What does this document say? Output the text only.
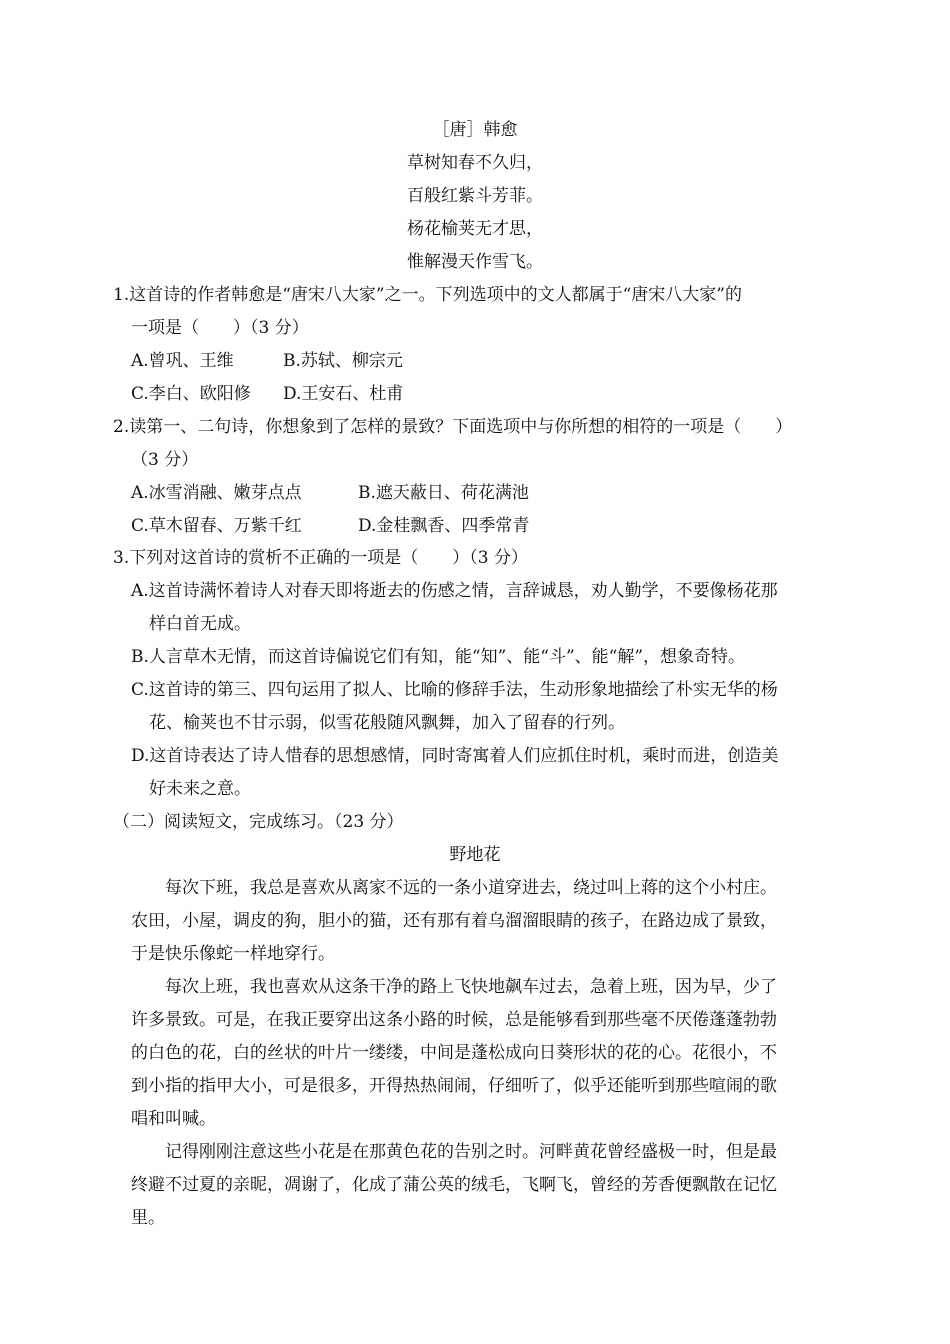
［唐］韩愈
草树知春不久归，
百般红紫斗芳菲。
杨花榆荚无才思，
惟解漫天作雪飞。
1.这首诗的作者韩愈是“唐宋八大家”之一。下列选项中的文人都属于“唐宋八大家”的
一项是（　　）（3 分）
A.曾巩、王维	B.苏轼、柳宗元
C.李白、欧阳修 D.王安石、杜甫
2.读第一、二句诗，你想象到了怎样的景致？下面选项中与你所想的相符的一项是（　　）
（3 分）
A.冰雪消融、嫩芽点点	B.遮天蔽日、荷花满池
C.草木留春、万紫千红	D.金桂飘香、四季常青
3.下列对这首诗的赏析不正确的一项是（　　）（3 分）
A.这首诗满怀着诗人对春天即将逝去的伤感之情，言辞诚恳，劝人勤学，不要像杨花那
样白首无成。
B.人言草木无情，而这首诗偏说它们有知，能“知”、能“斗”、能“解”，想象奇特。
C.这首诗的第三、四句运用了拟人、比喻的修辞手法，生动形象地描绘了朴实无华的杨
花、榆荚也不甘示弱，似雪花般随风飘舞，加入了留春的行列。
D.这首诗表达了诗人惜春的思想感情，同时寄寓着人们应抓住时机，乘时而进，创造美
好未来之意。
（二）阅读短文，完成练习。（23 分）
野地花
每次下班，我总是喜欢从离家不远的一条小道穿进去，绕过叫上蒋的这个小村庄。
农田，小屋，调皮的狗，胆小的猫，还有那有着乌溜溜眼睛的孩子，在路边成了景致，
于是快乐像蛇一样地穿行。
每次上班，我也喜欢从这条干净的路上飞快地飙车过去，急着上班，因为早，少了
许多景致。可是，在我正要穿出这条小路的时候，总是能够看到那些毫不厌倦蓬蓬勃勃
的白色的花，白的丝状的叶片一缕缕，中间是蓬松成向日葵形状的花的心。花很小，不
到小指的指甲大小，可是很多，开得热热闹闹，仔细听了，似乎还能听到那些喧闹的歌
唱和叫喊。
记得刚刚注意这些小花是在那黄色花的告别之时。河畔黄花曾经盛极一时，但是最
终避不过夏的亲昵，凋谢了，化成了蒲公英的绒毛，飞啊飞，曾经的芳香便飘散在记忆
里。
